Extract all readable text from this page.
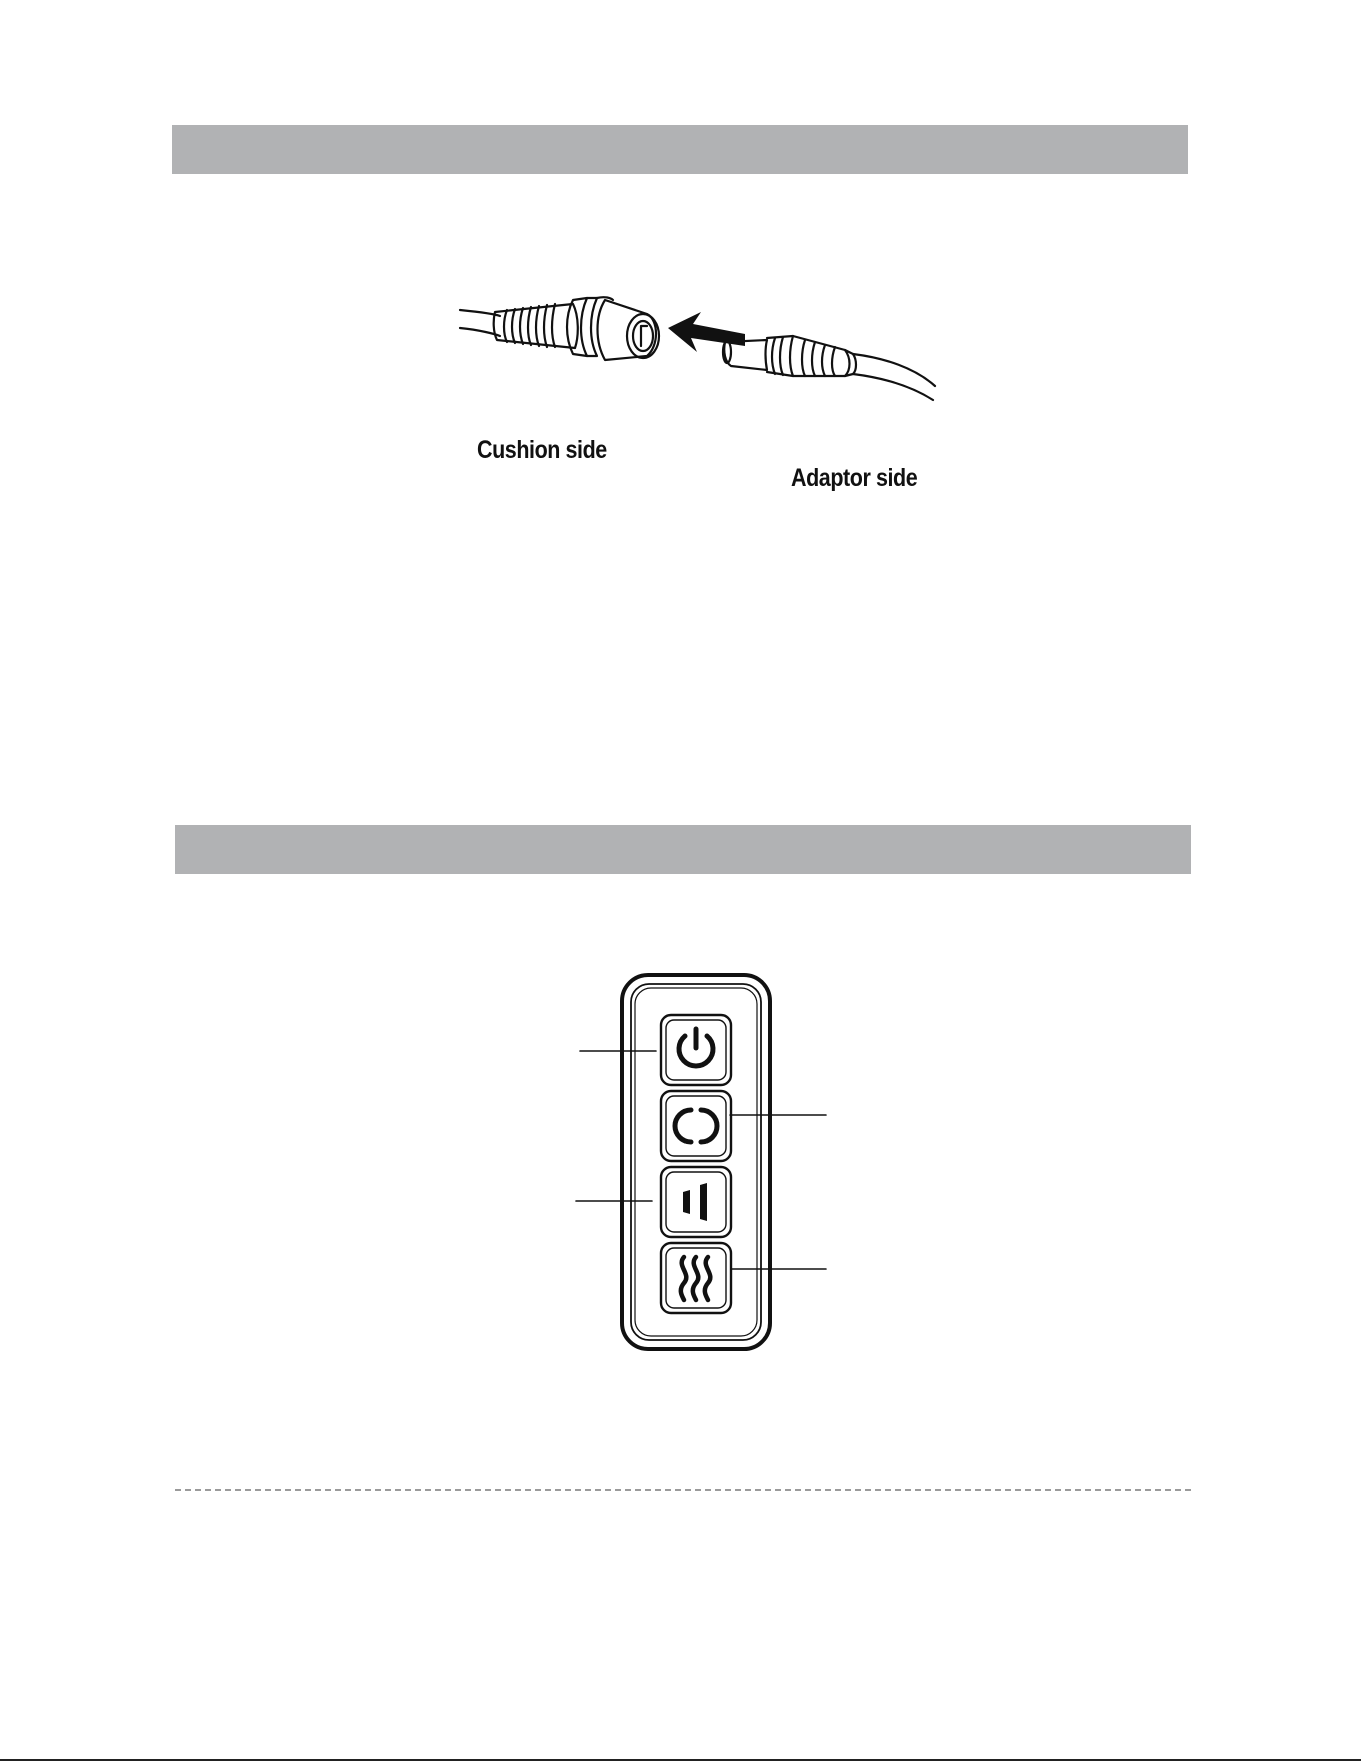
Cushion side
Adaptor side
